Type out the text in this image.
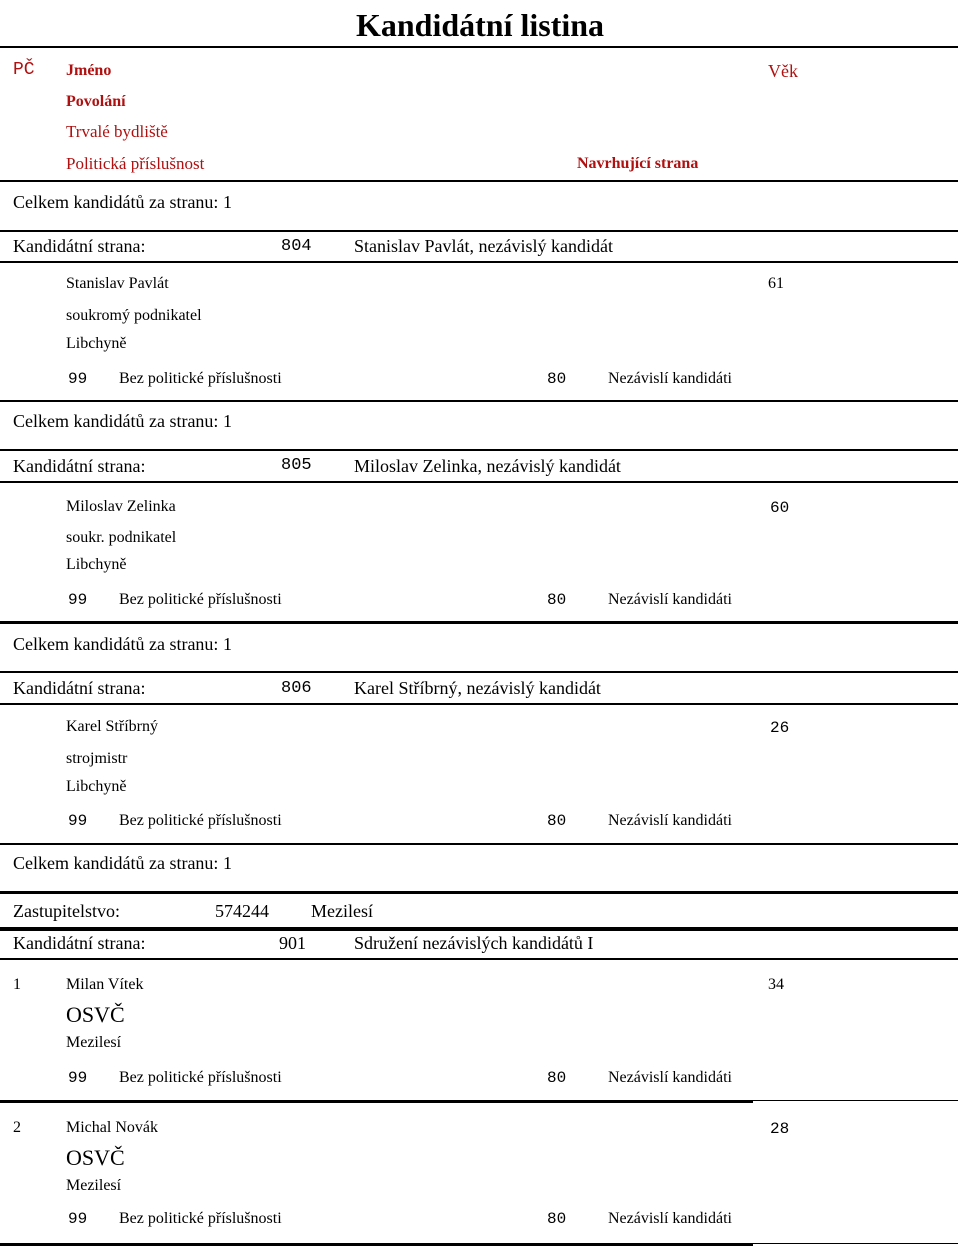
Kandidátní listina
PČ Jméno	Věk
Povolání
Trvalé bydliště
Politická příslušnost	Navrhující strana
Celkem kandidátů za stranu: 1
Kandidátní strana:	804 Stanislav Pavlát, nezávislý kandidát
Stanislav Pavlát	61
soukromý podnikatel
Libchyně
99 Bez politické příslušnosti	80	Nezávislí kandidáti
Celkem kandidátů za stranu: 1
Kandidátní strana:	805 Miloslav Zelinka, nezávislý kandidát
Miloslav Zelinka	60
soukr. podnikatel
Libchyně
99 Bez politické příslušnosti	80	Nezávislí kandidáti
Celkem kandidátů za stranu: 1
Kandidátní strana:	806 Karel Stříbrný, nezávislý kandidát
Karel Stříbrný	26
strojmistr
Libchyně
99 Bez politické příslušnosti	80	Nezávislí kandidáti
Celkem kandidátů za stranu: 1
Zastupitelstvo:	574244 Mezilesí
Kandidátní strana:	901	Sdružení nezávislých kandidátů I
1	Milan Vítek	34
OSVČ
Mezilesí
99 Bez politické příslušnosti	80	Nezávislí kandidáti
2	Michal Novák	28
OSVČ
Mezilesí
99 Bez politické příslušnosti	80	Nezávislí kandidáti
